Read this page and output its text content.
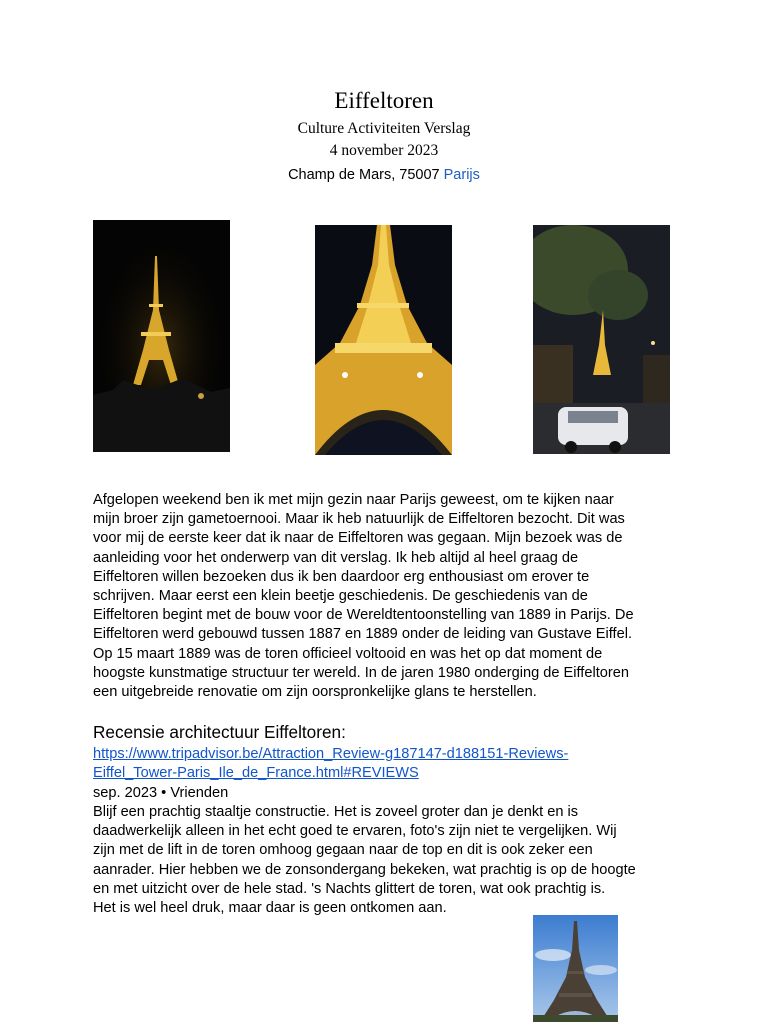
Eiffeltoren
Culture Activiteiten Verslag
4 november 2023
Champ de Mars, 75007 Parijs

Afgelopen weekend ben ik met mijn gezin naar Parijs geweest, om te kijken naar
mijn broer zijn gametoernooi. Maar ik heb natuurlijk de Eiffeltoren bezocht. Dit was
voor mij de eerste keer dat ik naar de Eiffeltoren was gegaan. Mijn bezoek was de
aanleiding voor het onderwerp van dit verslag. Ik heb altijd al heel graag de
Eiffeltoren willen bezoeken dus ik ben daardoor erg enthousiast om erover te
schrijven. Maar eerst een klein beetje geschiedenis. De geschiedenis van de
Eiffeltoren begint met de bouw voor de Wereldtentoonstelling van 1889 in Parijs. De
Eiffeltoren werd gebouwd tussen 1887 en 1889 onder de leiding van Gustave Eiffel.
Op 15 maart 1889 was de toren officieel voltooid en was het op dat moment de
hoogste kunstmatige structuur ter wereld. In de jaren 1980 onderging de Eiffeltoren
een uitgebreide renovatie om zijn oorspronkelijke glans te herstellen.

Recensie architectuur Eiffeltoren:
https://www.tripadvisor.be/Attraction_Review-g187147-d188151-Reviews-
Eiffel_Tower-Paris_Ile_de_France.html#REVIEWS
sep. 2023 • Vrienden

Blijf een prachtig staaltje constructie. Het is zoveel groter dan je denkt en is
daadwerkelijk alleen in het echt goed te ervaren, foto's zijn niet te vergelijken. Wij
zijn met de lift in de toren omhoog gegaan naar de top en dit is ook zeker een
aanrader. Hier hebben we de zonsondergang bekeken, wat prachtig is op de hoogte
en met uitzicht over de hele stad. 's Nachts glittert de toren, wat ook prachtig is.
Het is wel heel druk, maar daar is geen ontkomen aan.
